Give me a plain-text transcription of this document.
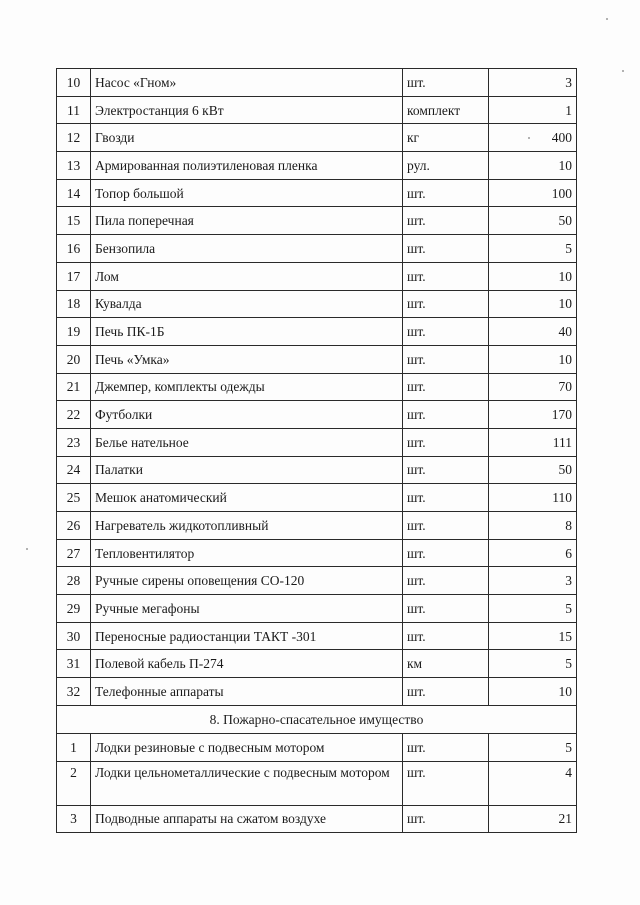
10	Насос «Гном»	шт.	3
11	Электростанция 6 кВт	комплект	1
12	Гвозди	кг	400
13	Армированная полиэтиленовая пленка	рул.	10
14	Топор большой	шт.	100
15	Пила поперечная	шт.	50
16	Бензопила	шт.	5
17	Лом	шт.	10
18	Кувалда	шт.	10
19	Печь ПК-1Б	шт.	40
20	Печь «Умка»	шт.	10
21	Джемпер, комплекты одежды	шт.	70
22	Футболки	шт.	170
23	Белье нательное	шт.	111
24	Палатки	шт.	50
25	Мешок анатомический	шт.	110
26	Нагреватель жидкотопливный	шт.	8
27	Тепловентилятор	шт.	6
28	Ручные сирены оповещения СО-120	шт.	3
29	Ручные мегафоны	шт.	5
30	Переносные радиостанции ТАКТ -301	шт.	15
31	Полевой кабель П-274	км	5
32	Телефонные аппараты	шт.	10
8. Пожарно-спасательное имущество			
1	Лодки резиновые с подвесным мотором	шт.	5
2	Лодки цельнометаллические с подвесным мотором	шт.	4
3	Подводные аппараты на сжатом воздухе	шт.	21
